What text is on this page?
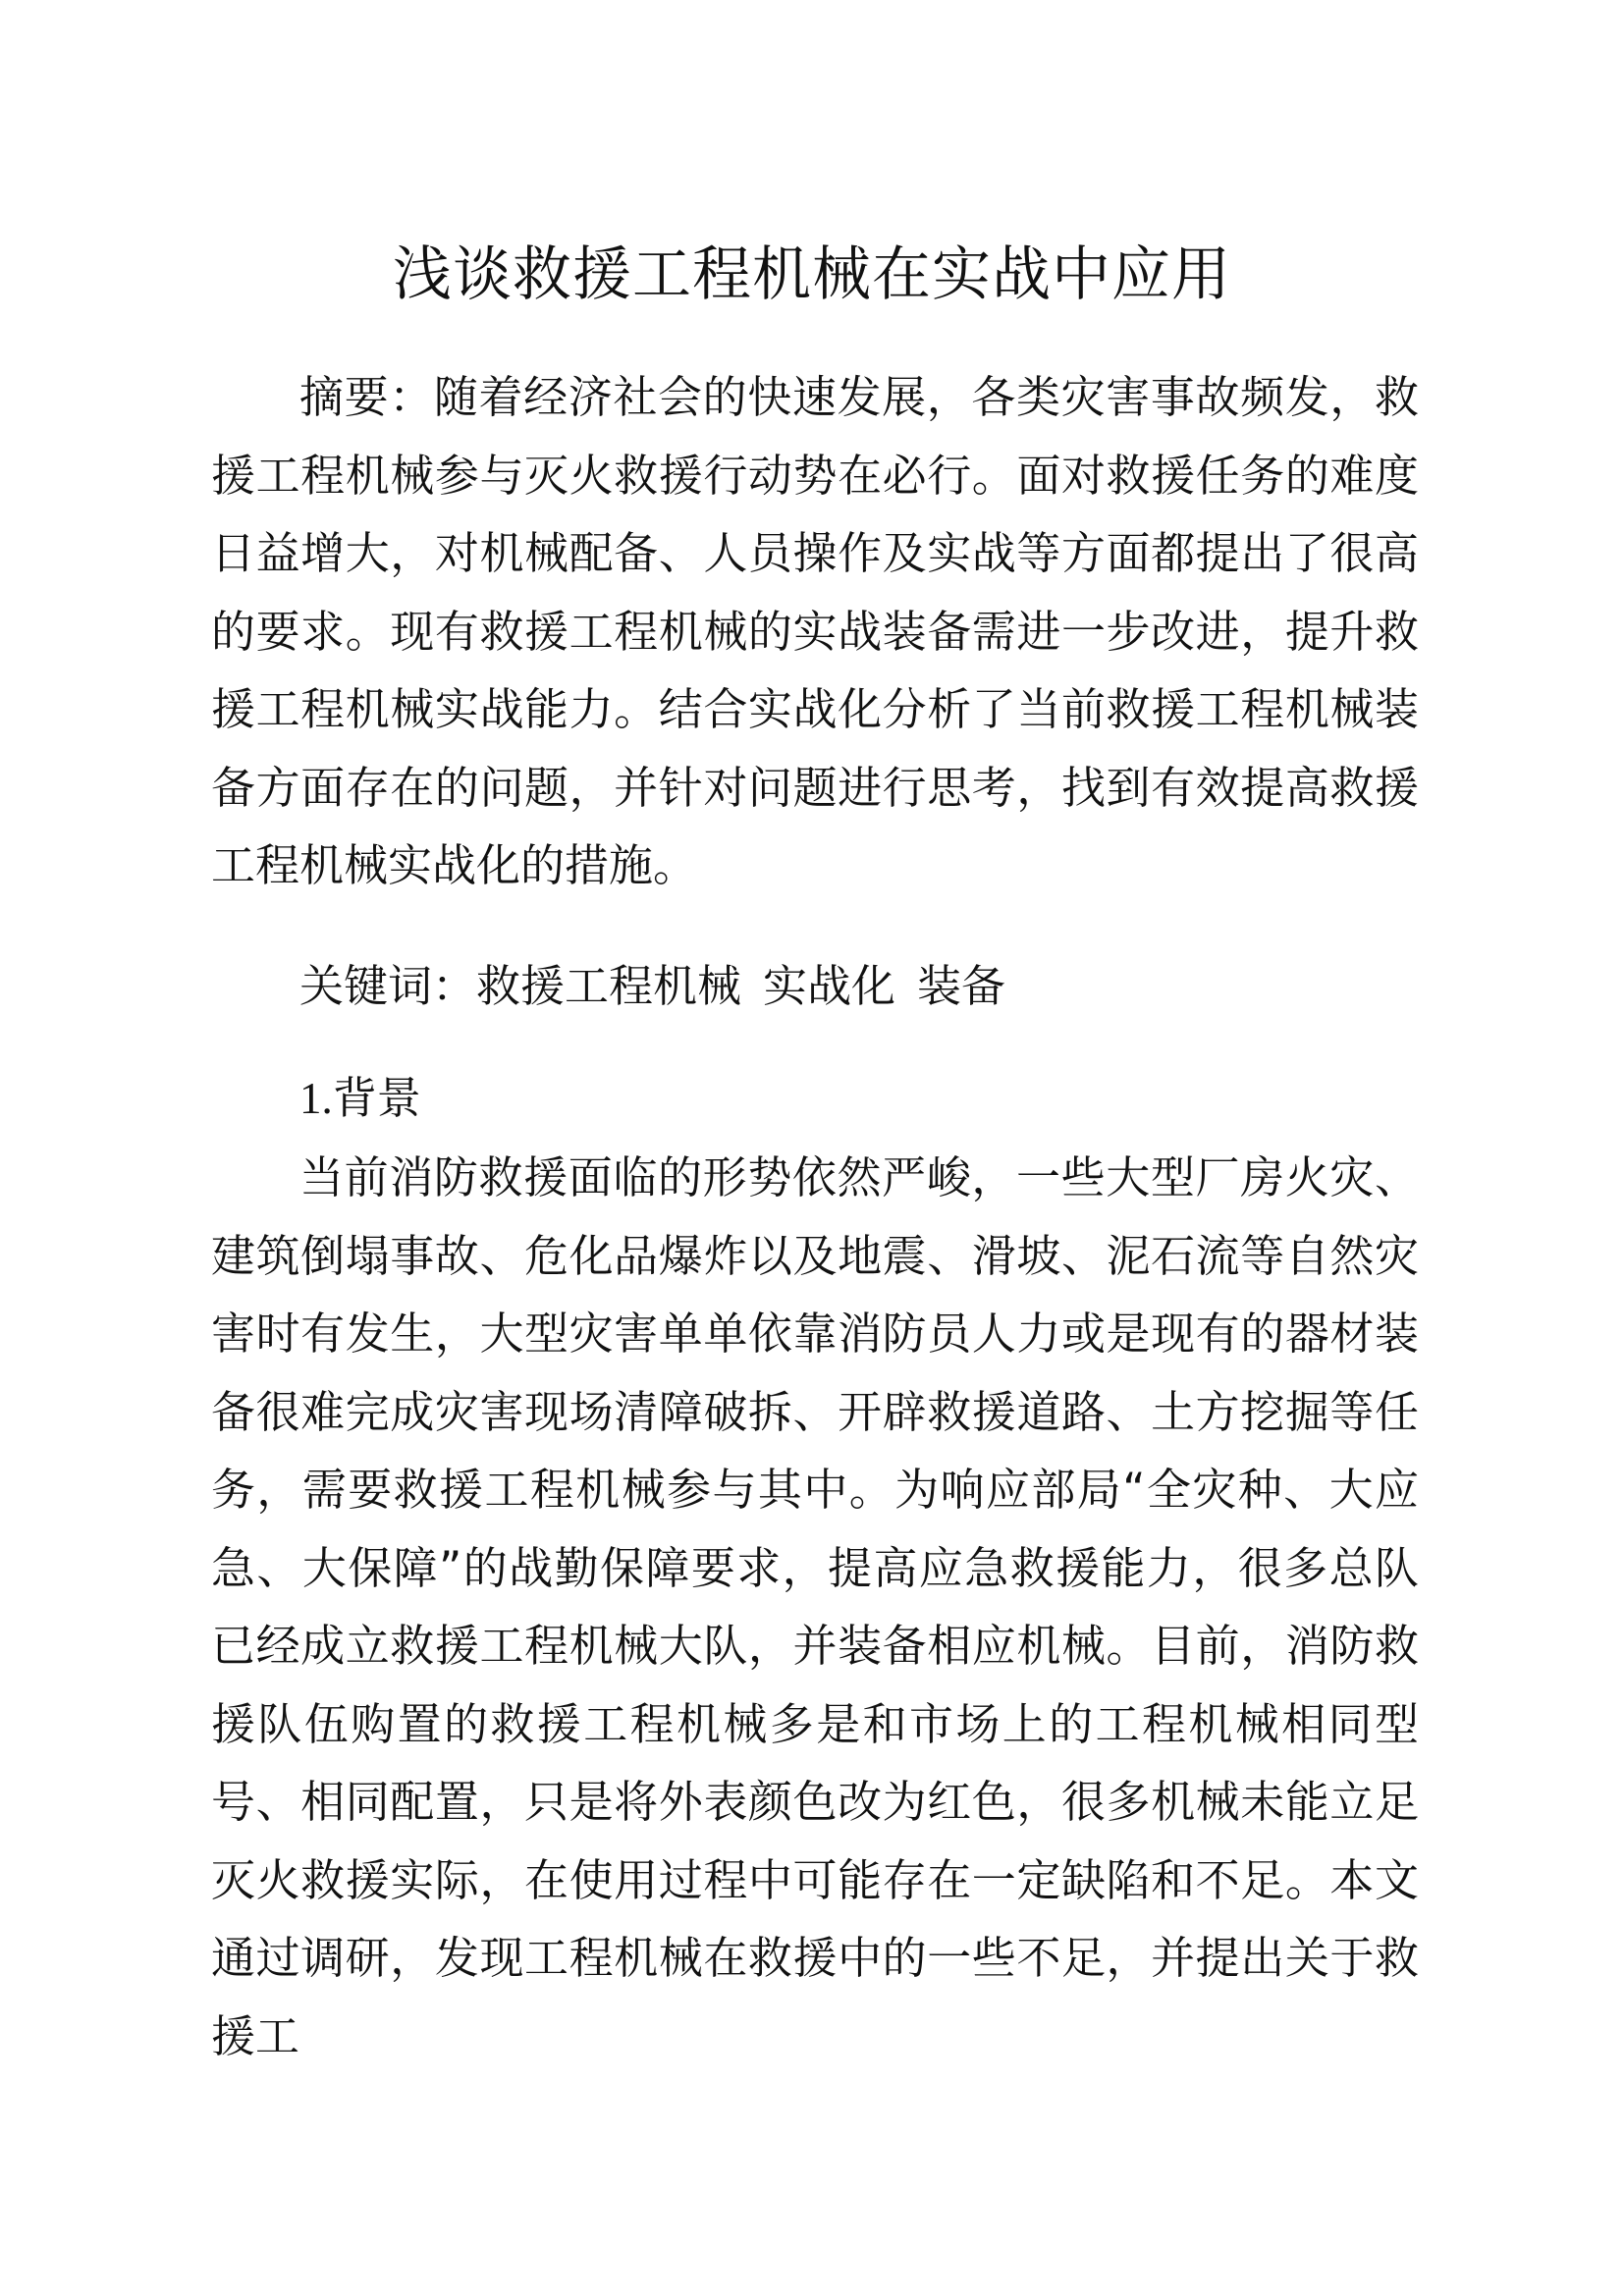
浅谈救援工程机械在实战中应用

摘要：随着经济社会的快速发展，各类灾害事故频发，救援工程机械参与灭火救援行动势在必行。面对救援任务的难度日益增大，对机械配备、人员操作及实战等方面都提出了很高的要求。现有救援工程机械的实战装备需进一步改进，提升救援工程机械实战能力。结合实战化分析了当前救援工程机械装备方面存在的问题，并针对问题进行思考，找到有效提高救援工程机械实战化的措施。

关键词：救援工程机械 实战化 装备
1.背景

当前消防救援面临的形势依然严峻，一些大型厂房火灾、建筑倒塌事故、危化品爆炸以及地震、滑坡、泥石流等自然灾害时有发生，大型灾害单单依靠消防员人力或是现有的器材装备很难完成灾害现场清障破拆、开辟救援道路、土方挖掘等任务，需要救援工程机械参与其中。为响应部局“全灾种、大应急、大保障”的战勤保障要求，提高应急救援能力，很多总队已经成立救援工程机械大队，并装备相应机械。目前，消防救援队伍购置的救援工程机械多是和市场上的工程机械相同型号、相同配置，只是将外表颜色改为红色，很多机械未能立足灭火救援实际，在使用过程中可能存在一定缺陷和不足。本文通过调研，发现工程机械在救援中的一些不足，并提出关于救援工
